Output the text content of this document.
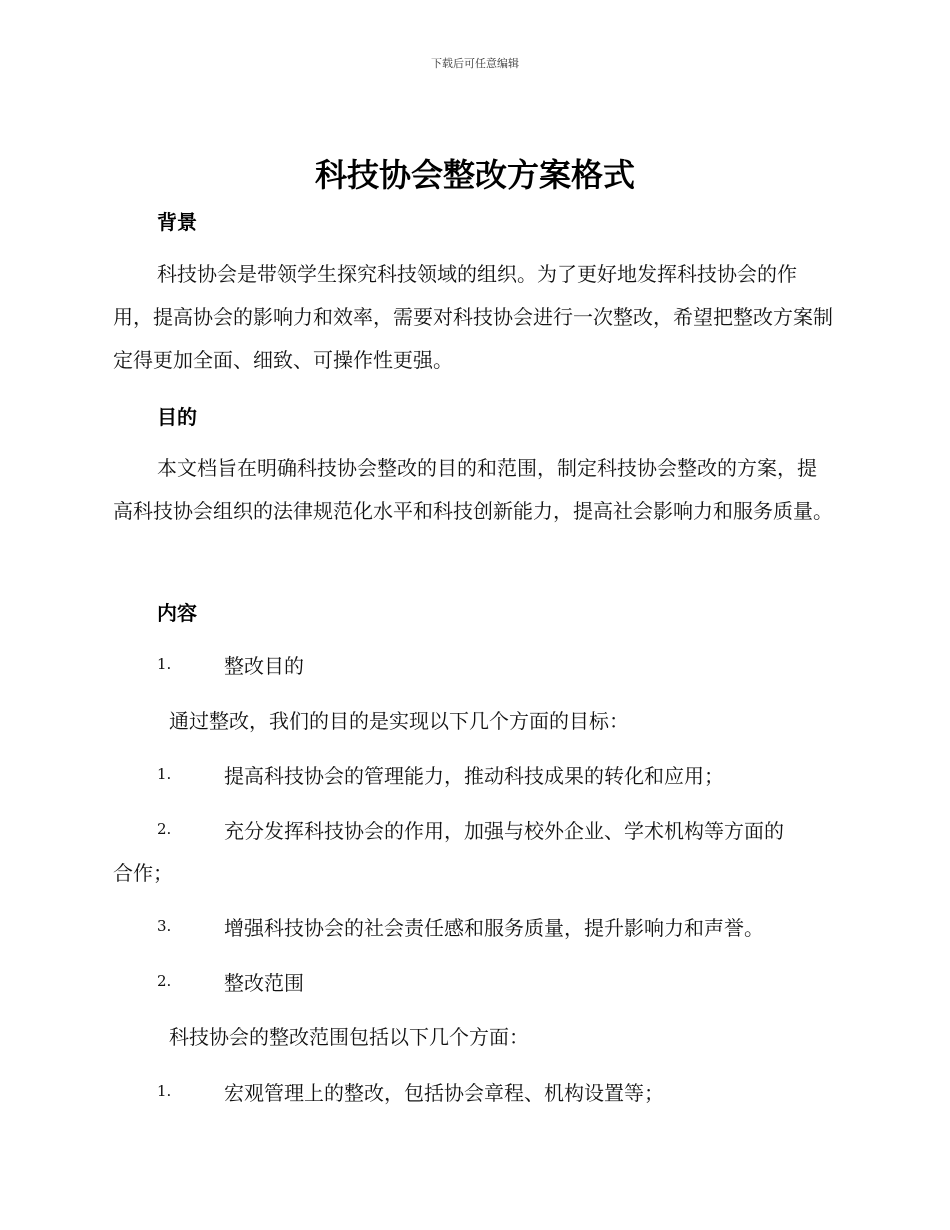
下载后可任意编辑
科技协会整改方案格式
背景

科技协会是带领学生探究科技领域的组织。为了更好地发挥科技协会的作用，提高协会的影响力和效率，需要对科技协会进行一次整改，希望把整改方案制定得更加全面、细致、可操作性更强。

目的

本文档旨在明确科技协会整改的目的和范围，制定科技协会整改的方案，提高科技协会组织的法律规范化水平和科技创新能力，提高社会影响力和服务质量。

内容
1.	整改目的
通过整改，我们的目的是实现以下几个方面的目标：
1.	提高科技协会的管理能力，推动科技成果的转化和应用；
2.	充分发挥科技协会的作用，加强与校外企业、学术机构等方面的
合作；
3.	增强科技协会的社会责任感和服务质量，提升影响力和声誉。
2.	整改范围
科技协会的整改范围包括以下几个方面：
1.	宏观管理上的整改，包括协会章程、机构设置等；
